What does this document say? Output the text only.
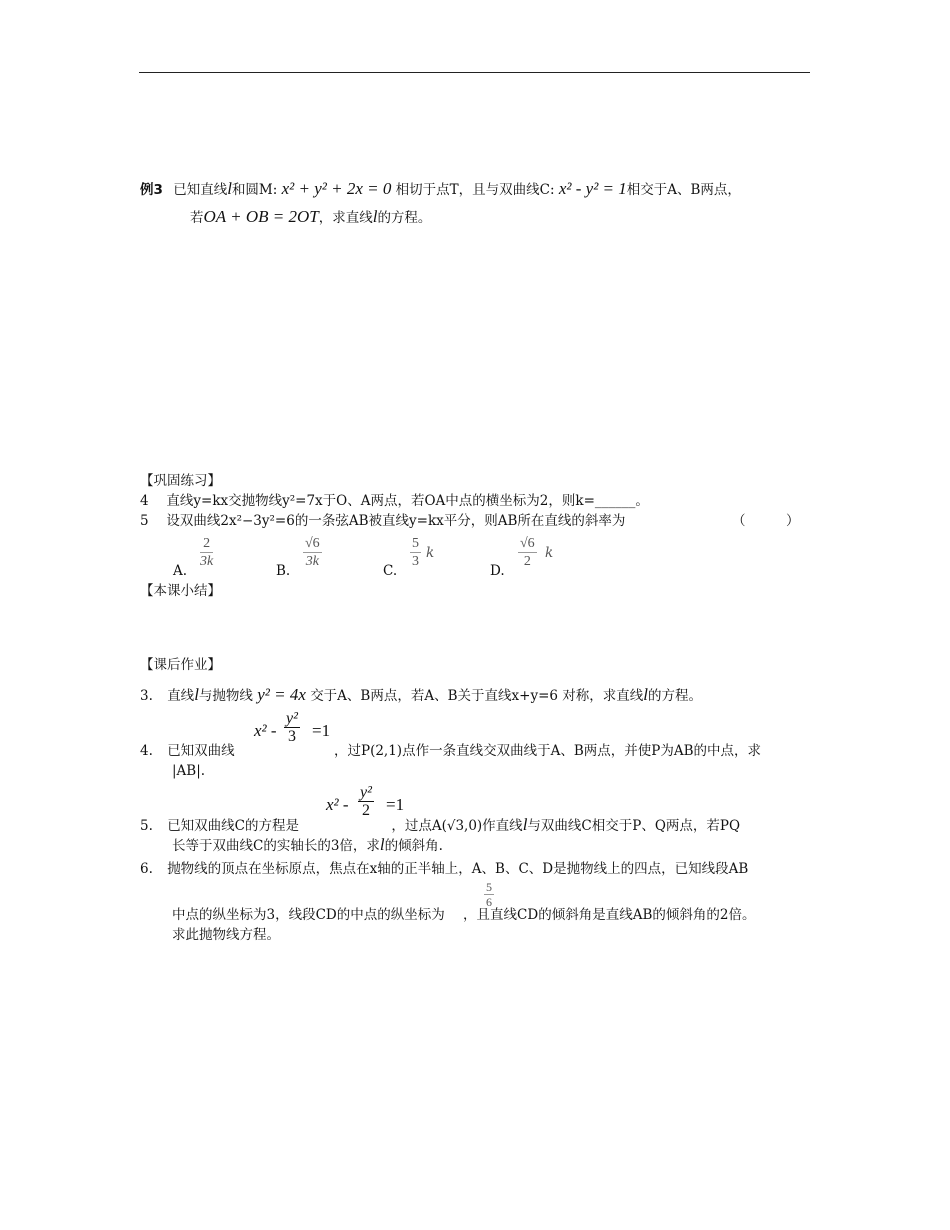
例3 已知直线l和圆M: x² + y² + 2x = 0 相切于点T，且与双曲线C: x² - y² = 1相交于A、B两点，
若OA + OB = 2OT，求直线l的方程。
【巩固练习】
4　 直线y=kx交抛物线y²=7x于O、A两点，若OA中点的横坐标为2，则k=______。
5　 设双曲线2x²−3y²=6的一条弦AB被直线y=kx平分，则AB所在直线的斜率为	（　　　）
A.
$\frac{2}{3k}$
B.
$\frac{√6}{3k}$
C.
$\frac{5}{3}$ k
D.
$\frac{√6}{2}$ k
【本课小结】
【课后作业】
3. 直线l与抛物线 y² = 4x 交于A、B两点，若A、B关于直线x+y=6 对称，求直线l的方程。
$x^2 - \frac{\text{y²}}{3} =1$
4. 已知双曲线	，过P(2,1)点作一条直线交双曲线于A、B两点，并使P为AB的中点，求
|AB|.
$x^2 - \frac{\text{y²}}{2} =1$
5. 已知双曲线C的方程是	，过点A(√3,0)作直线l与双曲线C相交于P、Q两点，若PQ
长等于双曲线C的实轴长的3倍，求l的倾斜角.
6. 抛物线的顶点在坐标原点，焦点在x轴的正半轴上，A、B、C、D是抛物线上的四点，已知线段AB
$\frac{5}{6}$
中点的纵坐标为3，线段CD的中点的纵坐标为 ，且直线CD的倾斜角是直线AB的倾斜角的2倍。
求此抛物线方程。
